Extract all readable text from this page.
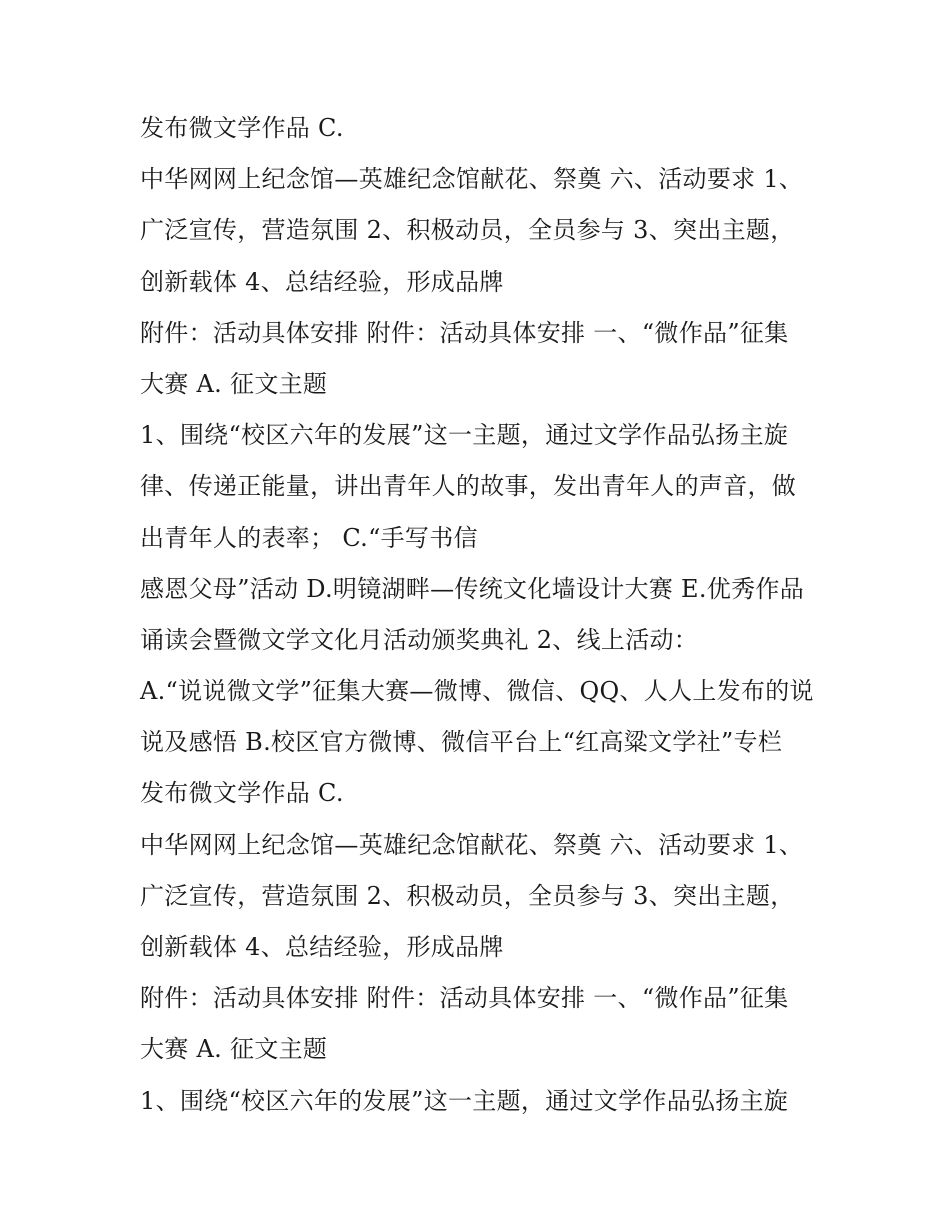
发布微文学作品 C.
中华网网上纪念馆—英雄纪念馆献花、祭奠 六、活动要求 1、
广泛宣传，营造氛围 2、积极动员，全员参与 3、突出主题，
创新载体 4、总结经验，形成品牌
附件：活动具体安排 附件：活动具体安排 一、“微作品”征集
大赛 A. 征文主题
1、围绕“校区六年的发展”这一主题，通过文学作品弘扬主旋
律、传递正能量，讲出青年人的故事，发出青年人的声音，做
出青年人的表率； C.“手写书信
感恩父母”活动 D.明镜湖畔—传统文化墙设计大赛 E.优秀作品
诵读会暨微文学文化月活动颁奖典礼 2、线上活动：
A.“说说微文学”征集大赛—微博、微信、QQ、人人上发布的说
说及感悟 B.校区官方微博、微信平台上“红高粱文学社”专栏
发布微文学作品 C.
中华网网上纪念馆—英雄纪念馆献花、祭奠 六、活动要求 1、
广泛宣传，营造氛围 2、积极动员，全员参与 3、突出主题，
创新载体 4、总结经验，形成品牌
附件：活动具体安排 附件：活动具体安排 一、“微作品”征集
大赛 A. 征文主题
1、围绕“校区六年的发展”这一主题，通过文学作品弘扬主旋
